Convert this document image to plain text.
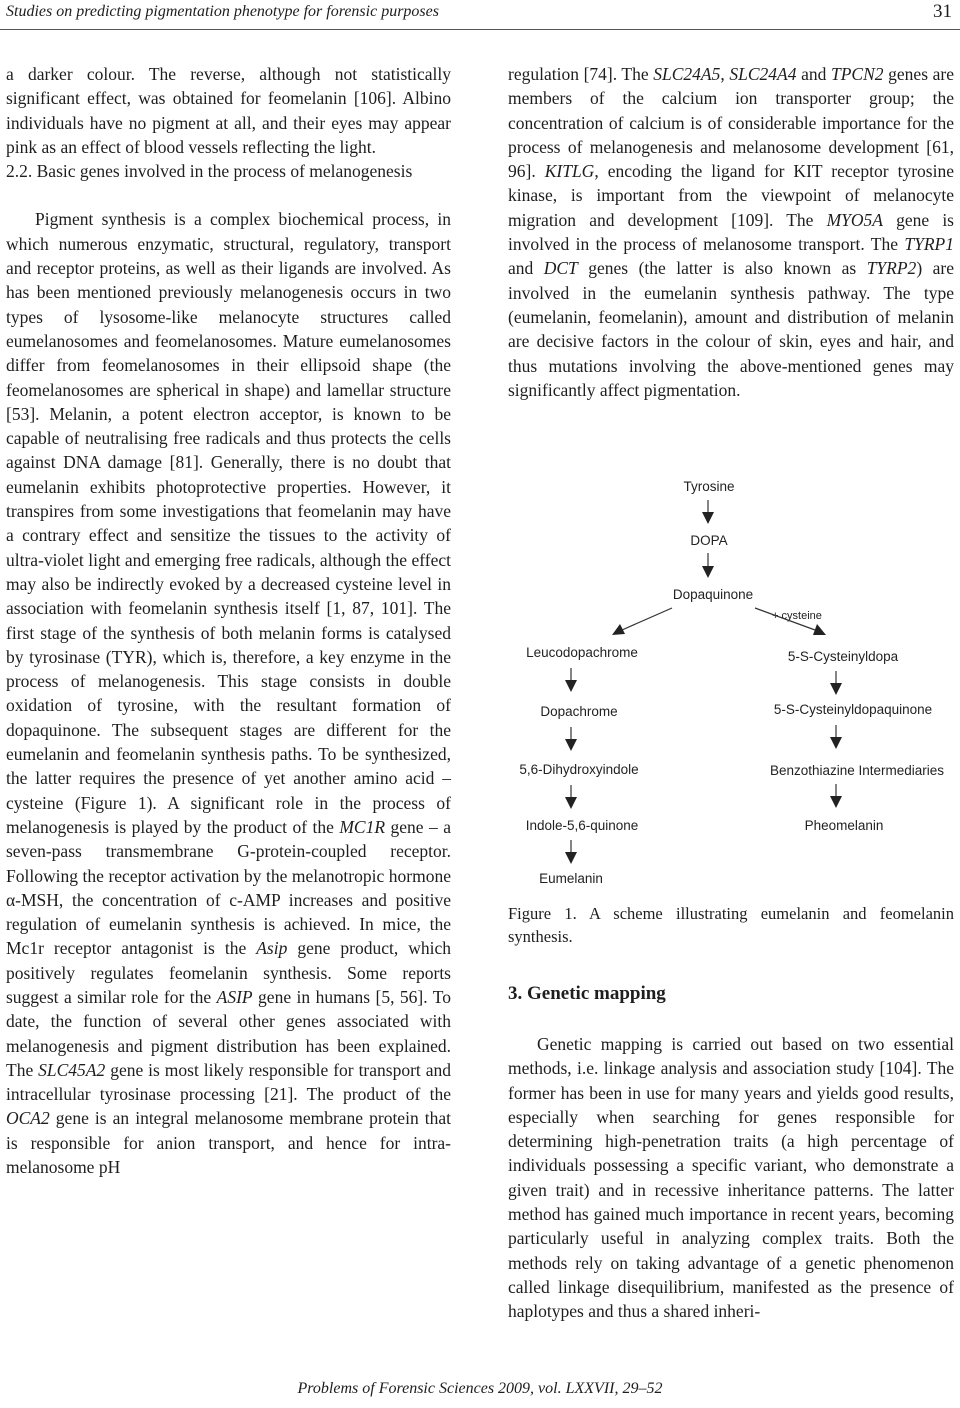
Studies on predicting pigmentation phenotype for forensic purposes	31

a darker colour. The reverse, although not statistically significant effect, was obtained for feomelanin [106]. Albino individuals have no pigment at all, and their eyes may appear pink as an effect of blood vessels reflecting the light.

2.2. Basic genes involved in the process of melanogenesis

Pigment synthesis is a complex biochemical process, in which numerous enzymatic, structural, regulatory, transport and receptor proteins, as well as their ligands are involved. As has been mentioned previously melanogenesis occurs in two types of lysosome-like melanocyte structures called eumelanosomes and feomelanosomes. Mature eumelanosomes differ from feomelanosomes in their ellipsoid shape (the feomelanosomes are spherical in shape) and lamellar structure [53]. Melanin, a potent electron acceptor, is known to be capable of neutralising free radicals and thus protects the cells against DNA damage [81]. Generally, there is no doubt that eumelanin exhibits photoprotective properties. However, it transpires from some investigations that feomelanin may have a contrary effect and sensitize the tissues to the activity of ultra-violet light and emerging free radicals, although the effect may also be indirectly evoked by a decreased cysteine level in association with feomelanin synthesis itself [1, 87, 101]. The first stage of the synthesis of both melanin forms is catalysed by tyrosinase (TYR), which is, therefore, a key enzyme in the process of melanogenesis. This stage consists in double oxidation of tyrosine, with the resultant formation of dopaquinone. The subsequent stages are different for the eumelanin and feomelanin synthesis paths. To be synthesized, the latter requires the presence of yet another amino acid – cysteine (Figure 1). A significant role in the process of melanogenesis is played by the product of the MC1R gene – a seven-pass transmembrane G-protein-coupled receptor. Following the receptor activation by the melanotropic hormone α-MSH, the concentration of c-AMP increases and positive regulation of eumelanin synthesis is achieved. In mice, the Mc1r receptor antagonist is the Asip gene product, which positively regulates feomelanin synthesis. Some reports suggest a similar role for the ASIP gene in humans [5, 56]. To date, the function of several other genes associated with melanogenesis and pigment distribution has been explained. The SLC45A2 gene is most likely responsible for transport and intracellular tyrosinase processing [21]. The product of the OCA2 gene is an integral melanosome membrane protein that is responsible for anion transport, and hence for intra-melanosome pH

regulation [74]. The SLC24A5, SLC24A4 and TPCN2 genes are members of the calcium ion transporter group; the concentration of calcium is of considerable importance for the process of melanogenesis and melanosome development [61, 96]. KITLG, encoding the ligand for KIT receptor tyrosine kinase, is important from the viewpoint of melanocyte migration and development [109]. The MYO5A gene is involved in the process of melanosome transport. The TYRP1 and DCT genes (the latter is also known as TYRP2) are involved in the eumelanin synthesis pathway. The type (eumelanin, feomelanin), amount and distribution of melanin are decisive factors in the colour of skin, eyes and hair, and thus mutations involving the above-mentioned genes may significantly affect pigmentation.

Tyrosine
DOPA
Dopaquinone
+ cysteine
Leucodopachrome
Dopachrome
5,6-Dihydroxyindole
Indole-5,6-quinone
Eumelanin
5-S-Cysteinyldopa
5-S-Cysteinyldopaquinone
Benzothiazine Intermediaries
Pheomelanin
Figure 1. A scheme illustrating eumelanin and feomelanin synthesis.
3. Genetic mapping

Genetic mapping is carried out based on two essential methods, i.e. linkage analysis and association study [104]. The former has been in use for many years and yields good results, especially when searching for genes responsible for determining high-penetration traits (a high percentage of individuals possessing a specific variant, who demonstrate a given trait) and in recessive inheritance patterns. The latter method has gained much importance in recent years, becoming particularly useful in analyzing complex traits. Both the methods rely on taking advantage of a genetic phenomenon called linkage disequilibrium, manifested as the presence of haplotypes and thus a shared inheri-

Problems of Forensic Sciences 2009, vol. LXXVII, 29–52
